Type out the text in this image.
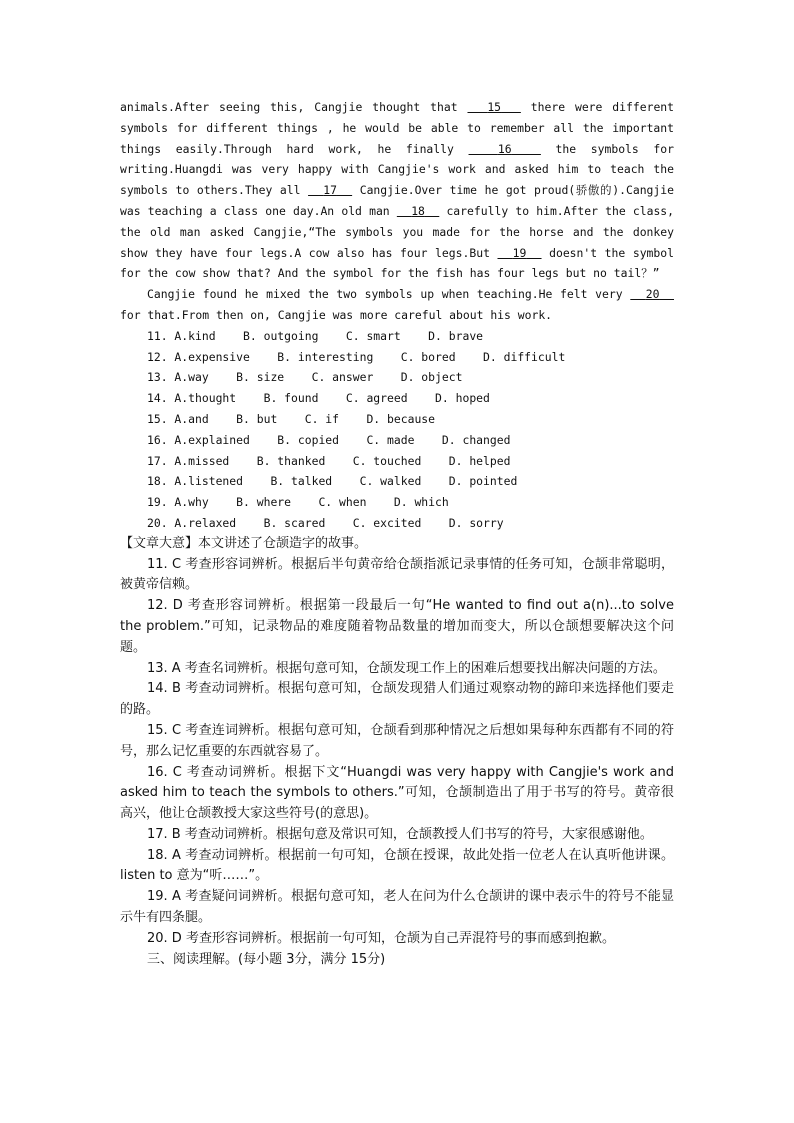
animals.After seeing this, Cangjie thought that   15   there were different symbols for different things , he would be able to remember all the important things easily.Through hard work, he finally	16	the symbols for writing.Huangdi was very happy with Cangjie's work and asked him to teach the symbols to others.They all   17   Cangjie.Over time he got proud(骄傲的).Cangjie was teaching a class one day.An old man   18   carefully to him.After the class, the old man asked Cangjie,“The symbols you made for the horse and the donkey show they have four legs.A cow also has four legs.But   19   doesn't the symbol for the cow show that? And the symbol for the fish has four legs but no tail？”

Cangjie found he mixed the two symbols up when teaching.He felt very   20   for that.From then on, Cangjie was more careful about his work.

11. A.kind    B. outgoing    C. smart    D. brave

12. A.expensive    B. interesting    C. bored    D. difficult

13. A.way    B. size    C. answer    D. object

14. A.thought    B. found    C. agreed    D. hoped

15. A.and    B. but    C. if    D. because

16. A.explained    B. copied    C. made    D. changed

17. A.missed    B. thanked    C. touched    D. helped

18. A.listened    B. talked    C. walked    D. pointed

19. A.why    B. where    C. when    D. which

20. A.relaxed    B. scared    C. excited    D. sorry

【文章大意】本文讲述了仓颉造字的故事。

11. C 考查形容词辨析。根据后半句黄帝给仓颉指派记录事情的任务可知，仓颉非常聪明，被黄帝信赖。

12. D 考查形容词辨析。根据第一段最后一句“He wanted to find out a(n)...to solve the problem.”可知，记录物品的难度随着物品数量的增加而变大，所以仓颉想要解决这个问题。

13. A 考查名词辨析。根据句意可知，仓颉发现工作上的困难后想要找出解决问题的方法。

14. B 考查动词辨析。根据句意可知，仓颉发现猎人们通过观察动物的蹄印来选择他们要走的路。

15. C 考查连词辨析。根据句意可知，仓颉看到那种情况之后想如果每种东西都有不同的符号，那么记忆重要的东西就容易了。

16. C 考查动词辨析。根据下文“Huangdi was very happy with Cangjie's work and asked him to teach the symbols to others.”可知，仓颉制造出了用于书写的符号。黄帝很高兴，他让仓颉教授大家这些符号(的意思)。

17. B 考查动词辨析。根据句意及常识可知，仓颉教授人们书写的符号，大家很感谢他。

18. A 考查动词辨析。根据前一句可知，仓颉在授课，故此处指一位老人在认真听他讲课。listen to 意为“听……”。

19. A 考查疑问词辨析。根据句意可知，老人在问为什么仓颉讲的课中表示牛的符号不能显示牛有四条腿。

20. D 考查形容词辨析。根据前一句可知，仓颉为自己弄混符号的事而感到抱歉。

三、阅读理解。(每小题 3分，满分 15分)
